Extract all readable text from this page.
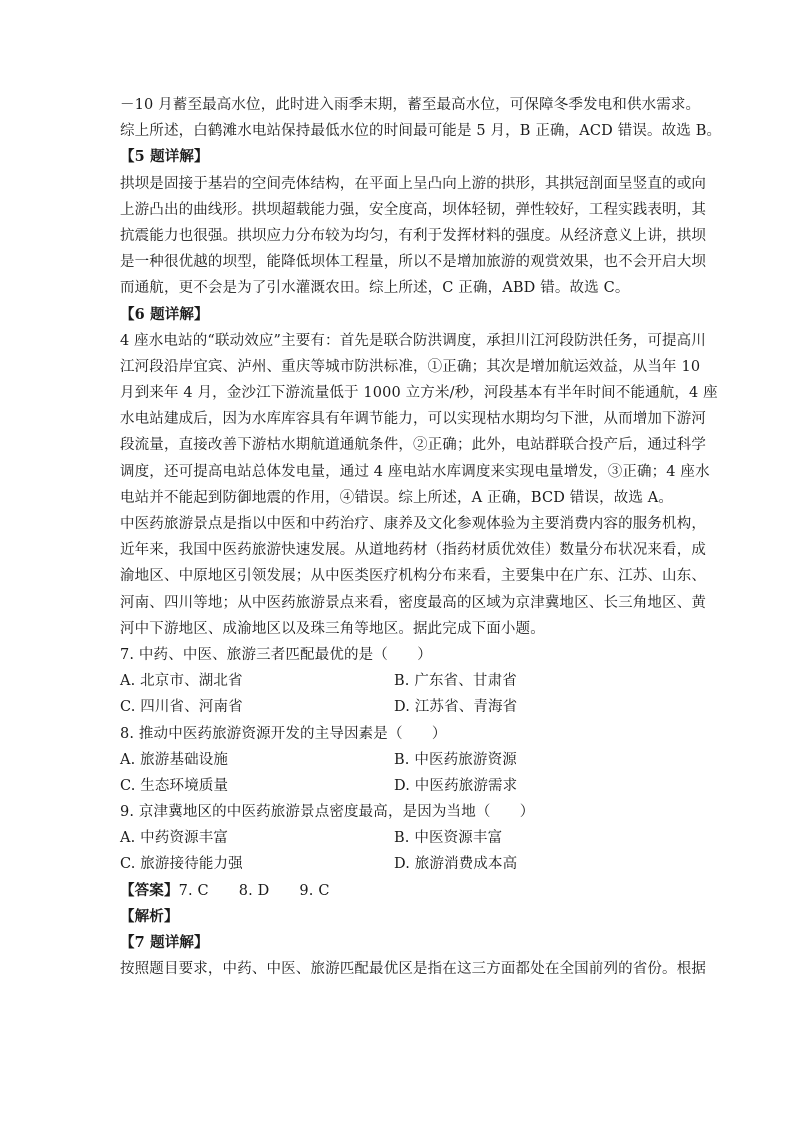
－10 月蓄至最高水位，此时进入雨季末期，蓄至最高水位，可保障冬季发电和供水需求。
综上所述，白鹤滩水电站保持最低水位的时间最可能是 5 月，B 正确，ACD 错误。故选 B。
【5 题详解】
拱坝是固接于基岩的空间壳体结构，在平面上呈凸向上游的拱形，其拱冠剖面呈竖直的或向
上游凸出的曲线形。拱坝超载能力强，安全度高，坝体轻韧，弹性较好，工程实践表明，其
抗震能力也很强。拱坝应力分布较为均匀，有利于发挥材料的强度。从经济意义上讲，拱坝
是一种很优越的坝型，能降低坝体工程量，所以不是增加旅游的观赏效果，也不会开启大坝
而通航，更不会是为了引水灌溉农田。综上所述，C 正确，ABD 错。故选 C。
【6 题详解】
4 座水电站的“联动效应”主要有：首先是联合防洪调度，承担川江河段防洪任务，可提高川
江河段沿岸宜宾、泸州、重庆等城市防洪标准，①正确；其次是增加航运效益，从当年 10
月到来年 4 月，金沙江下游流量低于 1000 立方米/秒，河段基本有半年时间不能通航，4 座
水电站建成后，因为水库库容具有年调节能力，可以实现枯水期均匀下泄，从而增加下游河
段流量，直接改善下游枯水期航道通航条件，②正确；此外，电站群联合投产后，通过科学
调度，还可提高电站总体发电量，通过 4 座电站水库调度来实现电量增发，③正确；4 座水
电站并不能起到防御地震的作用，④错误。综上所述，A 正确，BCD 错误，故选 A。
中医药旅游景点是指以中医和中药治疗、康养及文化参观体验为主要消费内容的服务机构，
近年来，我国中医药旅游快速发展。从道地药材（指药材质优效佳）数量分布状况来看，成
渝地区、中原地区引领发展；从中医类医疗机构分布来看，主要集中在广东、江苏、山东、
河南、四川等地；从中医药旅游景点来看，密度最高的区域为京津冀地区、长三角地区、黄
河中下游地区、成渝地区以及珠三角等地区。据此完成下面小题。
7. 中药、中医、旅游三者匹配最优的是（　　）
A. 北京市、湖北省	B. 广东省、甘肃省
C. 四川省、河南省	D. 江苏省、青海省
8. 推动中医药旅游资源开发的主导因素是（　　）
A. 旅游基础设施	B. 中医药旅游资源
C. 生态环境质量	D. 中医药旅游需求
9. 京津冀地区的中医药旅游景点密度最高，是因为当地（　　）
A. 中药资源丰富	B. 中医资源丰富
C. 旅游接待能力强	D. 旅游消费成本高
【答案】 7. C 8. D 9. C
【解析】
【7 题详解】
按照题目要求，中药、中医、旅游匹配最优区是指在这三方面都处在全国前列的省份。根据
